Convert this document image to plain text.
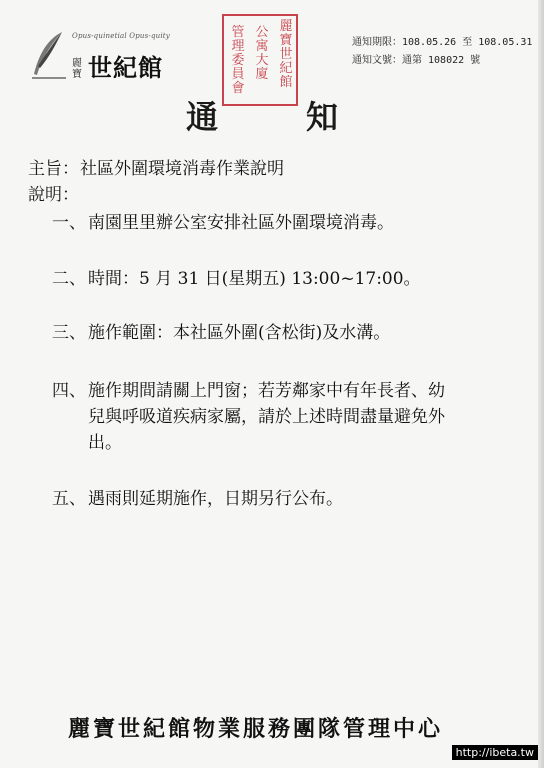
Opus-quinetial Opus-quity
麗寶 世紀館
麗寶世紀館
公寓大廈
管理委員會
通知期限：108.05.26 至 108.05.31
通知文號：通第 108022 號
通	知
主旨： 社區外圍環境消毒作業說明
說明：
一、 南園里里辦公室安排社區外圍環境消毒。
二、 時間：5 月 31 日(星期五) 13:00~17:00。
三、 施作範圍：本社區外圍(含松街)及水溝。
四、 施作期間請關上門窗；若芳鄰家中有年長者、幼
兒與呼吸道疾病家屬，請於上述時間盡量避免外
出。
五、 遇雨則延期施作，日期另行公布。
麗寶世紀館物業服務團隊管理中心
http://ibeta.tw
